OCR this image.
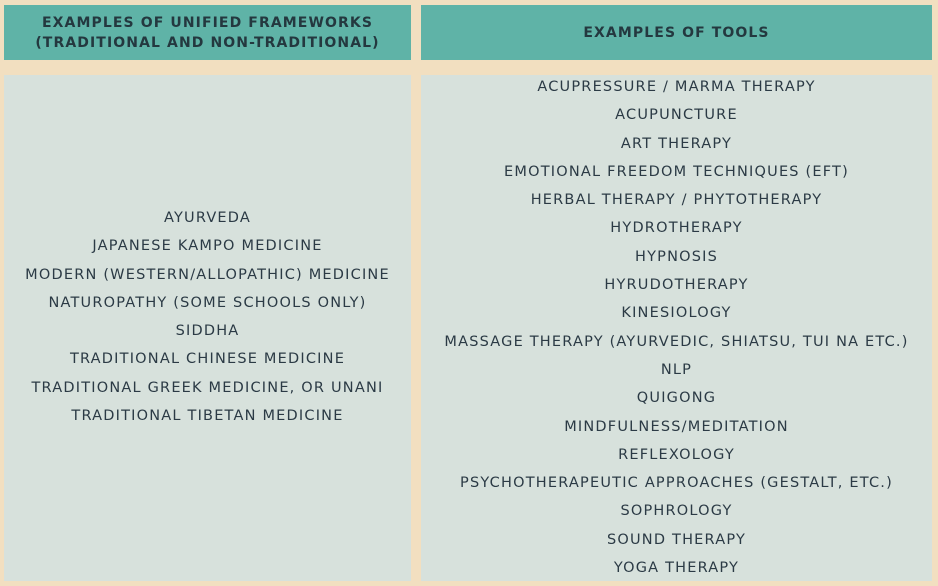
EXAMPLES OF UNIFIED FRAMEWORKS
(TRADITIONAL AND NON-TRADITIONAL)
EXAMPLES OF TOOLS
AYURVEDA
JAPANESE KAMPO MEDICINE
MODERN (WESTERN/ALLOPATHIC) MEDICINE
NATUROPATHY (SOME SCHOOLS ONLY)
SIDDHA
TRADITIONAL CHINESE MEDICINE
TRADITIONAL GREEK MEDICINE, OR UNANI
TRADITIONAL TIBETAN MEDICINE
ACUPRESSURE / MARMA THERAPY
ACUPUNCTURE
ART THERAPY
EMOTIONAL FREEDOM TECHNIQUES (EFT)
HERBAL THERAPY / PHYTOTHERAPY
HYDROTHERAPY
HYPNOSIS
HYRUDOTHERAPY
KINESIOLOGY
MASSAGE THERAPY (AYURVEDIC, SHIATSU, TUI NA ETC.)
NLP
QUIGONG
MINDFULNESS/MEDITATION
REFLEXOLOGY
PSYCHOTHERAPEUTIC APPROACHES (GESTALT, ETC.)
SOPHROLOGY
SOUND THERAPY
YOGA THERAPY
